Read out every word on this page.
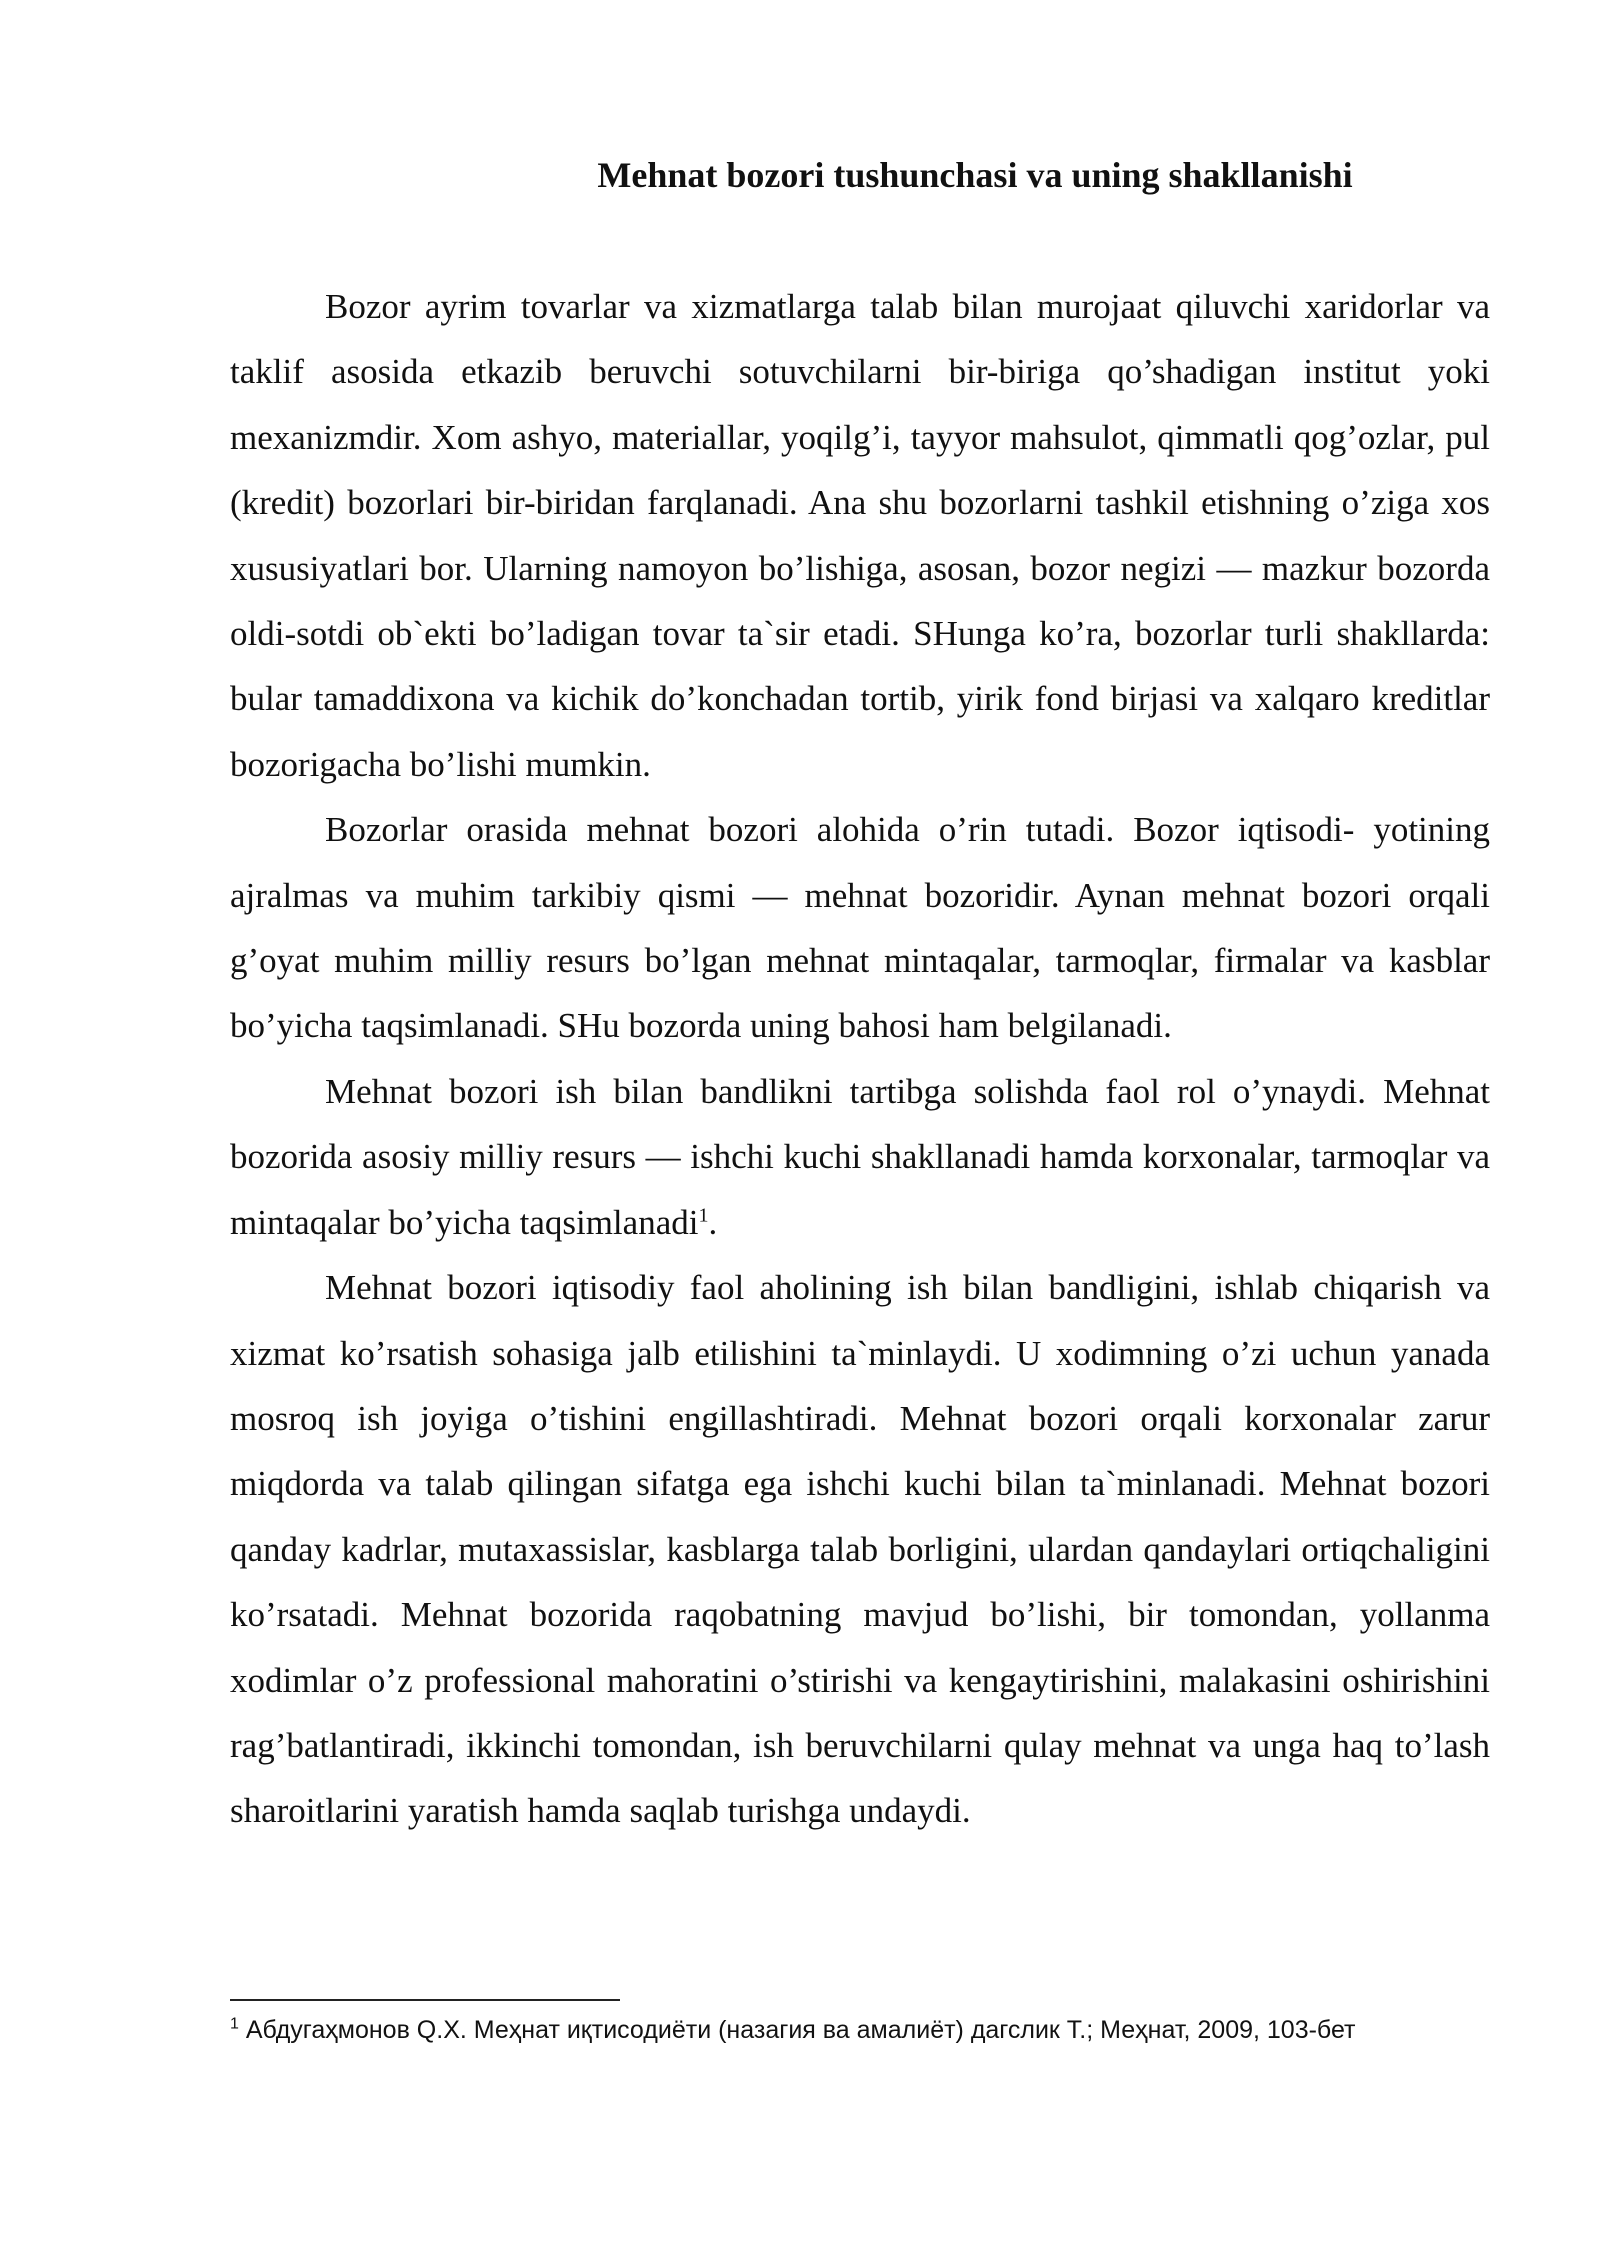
Mehnat bozori tushunchasi va uning shakllanishi

Bozor ayrim tovarlar va xizmatlarga talab bilan murojaat qiluvchi xaridorlar va taklif asosida etkazib beruvchi sotuvchilarni bir-biriga qo’shadigan institut yoki mexanizmdir. Xom ashyo, materiallar, yoqilg’i, tayyor mahsulot, qimmatli qog’ozlar, pul (kredit) bozorlari bir-biridan farqlanadi. Ana shu bozorlarni tashkil etishning o’ziga xos xususiyatlari bor. Ularning namoyon bo’lishiga, asosan, bozor negizi — mazkur bozorda oldi-sotdi ob`ekti bo’ladigan tovar ta`sir etadi. SHunga ko’ra, bozorlar turli shakllarda: bular tamaddixona va kichik do’konchadan tortib, yirik fond birjasi va xalqaro kreditlar bozorigacha bo’lishi mumkin.

Bozorlar orasida mehnat bozori alohida o’rin tutadi. Bozor iqtisodi- yotining ajralmas va muhim tarkibiy qismi — mehnat bozoridir. Aynan mehnat bozori orqali g’oyat muhim milliy resurs bo’lgan mehnat mintaqalar, tarmoqlar, firmalar va kasblar bo’yicha taqsimlanadi. SHu bozorda uning bahosi ham belgilanadi.

Mehnat bozori ish bilan bandlikni tartibga solishda faol rol o’ynaydi. Mehnat bozorida asosiy milliy resurs — ishchi kuchi shakllanadi hamda korxonalar, tarmoqlar va mintaqalar bo’yicha taqsimlanadi$^1$.

Mehnat bozori iqtisodiy faol aholining ish bilan bandligini, ishlab chiqarish va xizmat ko’rsatish sohasiga jalb etilishini ta`minlaydi. U xodimning o’zi uchun yanada mosroq ish joyiga o’tishini engillashtiradi. Mehnat bozori orqali korxonalar zarur miqdorda va talab qilingan sifatga ega ishchi kuchi bilan ta`minlanadi. Mehnat bozori qanday kadrlar, mutaxassislar, kasblarga talab borligini, ulardan qandaylari ortiqchaligini ko’rsatadi. Mehnat bozorida raqobatning mavjud bo’lishi, bir tomondan, yollanma xodimlar o’z professional mahoratini o’stirishi va kengaytirishini, malakasini oshirishini rag’batlantiradi, ikkinchi tomondan, ish beruvchilarni qulay mehnat va unga haq to’lash sharoitlarini yaratish hamda saqlab turishga undaydi.

$^1$ Абдугаҳмонов Q.X. Меҳнат иқтисодиёти (назагия ва амалиёт) дагслик Т.; Меҳнат, 2009, 103-бет
